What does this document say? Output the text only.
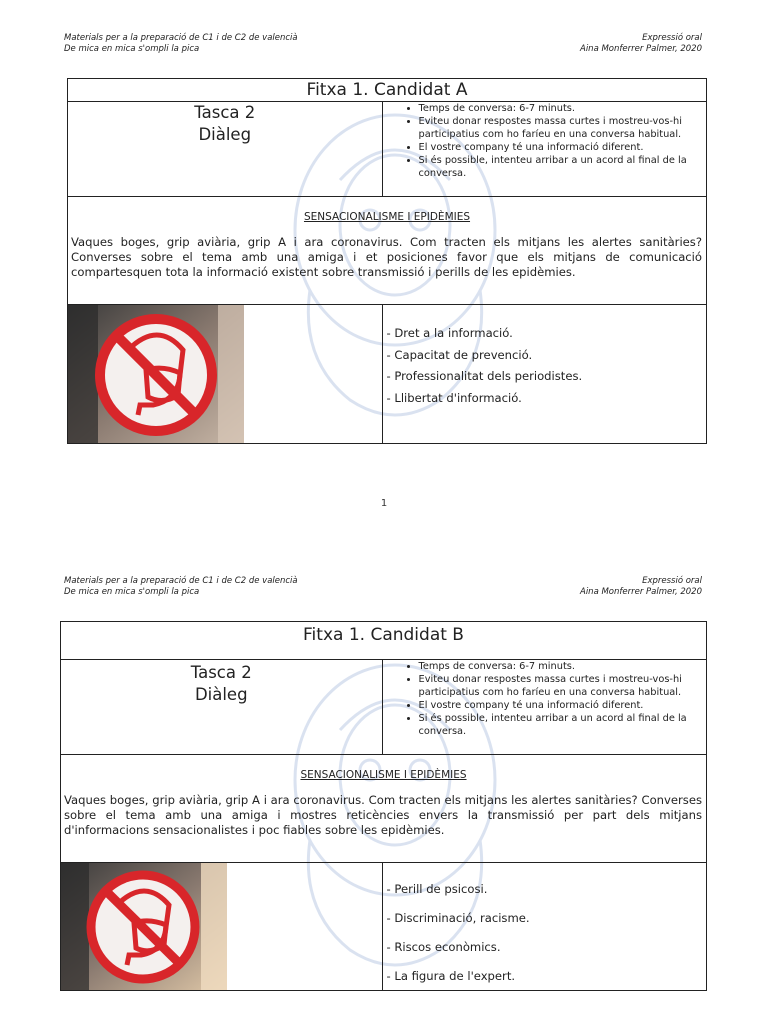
Materials per a la preparació de C1 i de C2 de valencià
De mica en mica s'ompli la pica
Expressió oral
Aina Monferrer Palmer, 2020
Fitxa 1. Candidat A
Tasca 2
Diàleg
• Temps de conversa: 6-7 minuts.
• Eviteu donar respostes massa curtes i mostreu-vos-hi participatius com ho faríeu en una conversa habitual.
• El vostre company té una informació diferent.
• Si és possible, intenteu arribar a un acord al final de la conversa.
SENSACIONALISME I EPIDÈMIES
Vaques boges, grip aviària, grip A i ara coronavirus. Com tracten els mitjans les alertes sanitàries? Converses sobre el tema amb una amiga i et posiciones favor que els mitjans de comunicació compartesquen tota la informació existent sobre transmissió i perills de les epidèmies.
- Dret a la informació.
- Capacitat de prevenció.
- Professionalitat dels periodistes.
- Llibertat d'informació.
1
Materials per a la preparació de C1 i de C2 de valencià
De mica en mica s'ompli la pica
Expressió oral
Aina Monferrer Palmer, 2020
Fitxa 1. Candidat B
Tasca 2
Diàleg
• Temps de conversa: 6-7 minuts.
• Eviteu donar respostes massa curtes i mostreu-vos-hi participatius com ho faríeu en una conversa habitual.
• El vostre company té una informació diferent.
• Si és possible, intenteu arribar a un acord al final de la conversa.
SENSACIONALISME I EPIDÈMIES
Vaques boges, grip aviària, grip A i ara coronavirus. Com tracten els mitjans les alertes sanitàries? Converses sobre el tema amb una amiga i mostres reticències envers la transmissió per part dels mitjans d'informacions sensacionalistes i poc fiables sobre les epidèmies.
- Perill de psicosi.
- Discriminació, racisme.
- Riscos econòmics.
- La figura de l'expert.
